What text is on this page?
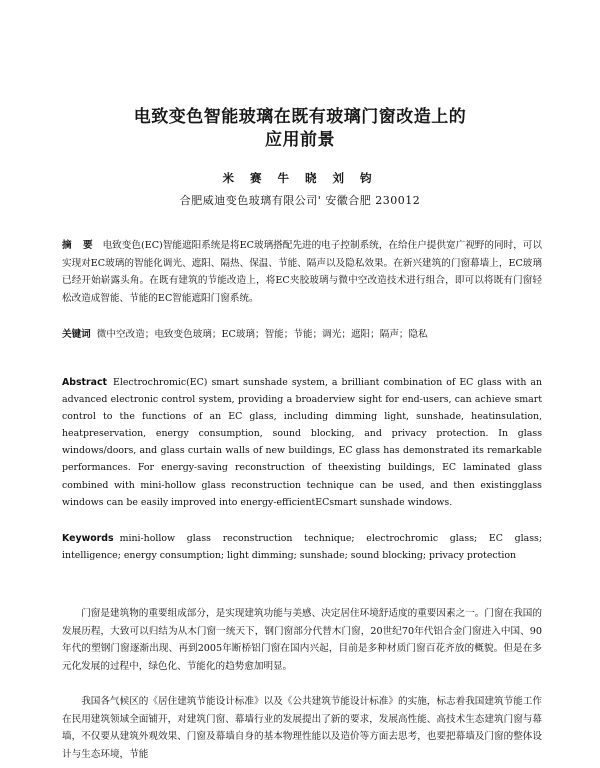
电致变色智能玻璃在既有玻璃门窗改造上的
应用前景
米 赛 牛 晓 刘 钧
合肥威迪变色玻璃有限公司' 安徽合肥 230012
摘 要 电致变色(EC)智能遮阳系统是将EC玻璃搭配先进的电子控制系统，在给住户提供宽广视野的同时，可以实现对EC玻璃的智能化调光、遮阳、隔热、保温、节能、隔声以及隐私效果。在新兴建筑的门窗幕墙上，EC玻璃已经开始崭露头角。在既有建筑的节能改造上，将EC夹胶玻璃与微中空改造技术进行组合，即可以将既有门窗轻松改造成智能、节能的EC智能遮阳门窗系统。
关键词 微中空改造；电致变色玻璃；EC玻璃；智能；节能；调光；遮阳；隔声；隐私
Abstract Electrochromic(EC) smart sunshade system, a brilliant combination of EC glass with an advanced electronic control system, providing a broaderview sight for end-users, can achieve smart control to the functions of an EC glass, including dimming light, sunshade, heatinsulation, heatpreservation, energy consumption, sound blocking, and privacy protection. In glass windows/doors, and glass curtain walls of new buildings, EC glass has demonstrated its remarkable performances. For energy-saving reconstruction of theexisting buildings, EC laminated glass combined with mini-hollow glass reconstruction technique can be used, and then existingglass windows can be easily improved into energy-efficientECsmart sunshade windows.
Keywords mini-hollow glass reconstruction technique; electrochromic glass; EC glass; intelligence; energy consumption; light dimming; sunshade; sound blocking; privacy protection
门窗是建筑物的重要组成部分，是实现建筑功能与美感、决定居住环境舒适度的重要因素之一。门窗在我国的发展历程，大致可以归结为从木门窗一统天下，钢门窗部分代替木门窗，20世纪70年代铝合金门窗进入中国、90年代的塑钢门窗逐渐出现、再到2005年断桥铝门窗在国内兴起，目前是多种材质门窗百花齐放的概貌。但是在多元化发展的过程中，绿色化、节能化的趋势愈加明显。
我国各气候区的《居住建筑节能设计标准》以及《公共建筑节能设计标准》的实施，标志着我国建筑节能工作在民用建筑领域全面铺开，对建筑门窗、幕墙行业的发展提出了新的要求，发展高性能、高技术生态建筑门窗与幕墙，不仅要从建筑外观效果、门窗及幕墙自身的基本物理性能以及造价等方面去思考，也要把幕墙及门窗的整体设计与生态环境，节能
